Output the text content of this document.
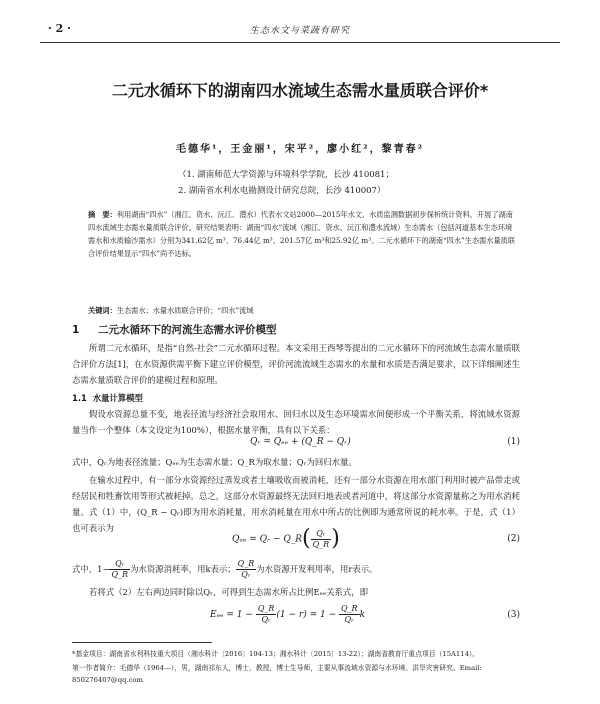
· 2 ·	生态水文与菜蔬有研究
二元水循环下的湖南四水流域生态需水量质联合评价*
毛德华¹，王金丽¹，宋平²，廖小红²，黎青春²
（1. 湖南师范大学资源与环境科学学院，长沙 410081；
2. 湖南省水利水电勘测设计研究总院，长沙 410007）
摘　要：利用湖南“四水”（湘江、资水、沅江、澧水）代表水文站2000—2015年水文、水质监测数据初步探析统计资料，开展了湖南四水流域生态需水量质联合评价。研究结果表明：湖南“四水”流域（湘江、资水、沅江和澧水流域）生态需水（包括河道基本生态环境需水和水质输沙需水）分别为341.62亿 m³、76.44亿 m³、201.57亿 m³和25.92亿 m³。二元水循环下的湖南“四水”生态需水量质联合评价结果显示“四水”尚不达标。
关键词：生态需水；水量水质联合评价；“四水”流域
1 二元水循环下的河流生态需水评价模型
所谓二元水循环，是指“自然-社会”二元水循环过程。本文采用王西琴等提出的二元水循环下的河流域生态需水量质联合评价方法[1]，在水资源供需平衡下建立评价模型，评价河流流域生态需水的水量和水质是否满足要求，以下详细阐述生态需水量质联合评价的建模过程和原理。
1.1 水量计算模型
假设水资源总量不变，地表径流与经济社会取用水、回归水以及生态环境需水间便形成一个平衡关系，将流域水资源量当作一个整体（本文设定为100%），根据水量平衡，具有以下关系：
Qᵣ = Qₑₑ + (Q_R − Qᵣ)	(1)
式中，Qᵣ为地表径流量；Qₑₑ为生态需水量；Q_R为取水量；Qᵣ为回归水量。
在输水过程中，有一部分水资源经过蒸发或者土壤吸收而被消耗，还有一部分水资源在用水部门利用时被产品带走或经居民和牲畜饮用等形式被耗掉。总之，这部分水资源最终无法回归地表或者河道中，将这部分水资源量称之为用水消耗量。式（1）中，(Q_R − Qᵣ)即为用水消耗量，用水消耗量在用水中所占的比例即为通常所说的耗水率。于是，式（1）也可表示为
Qₑₑ = Qᵣ − Q_R( $\frac{\text{Qᵣ}}{Q\_R}$ )	(2)
式中，$1- \frac{\text{Qᵣ}}{Q\_R}$ 为水资源消耗率，用k表示； $\frac{Q\_R}{\text{Qᵣ}}$ 为水资源开发利用率，用r表示。
若将式（2）左右两边同时除以Qᵣ，可得到生态需水所占比例Eₑₑ关系式，即
$E_{ee} = 1 - \frac{Q\_R}{\text{Qᵣ}} (1 - r) = 1 - \frac{Q\_R}{\text{Qᵣ}}$ k	(3)
*基金项目：湖南省水利科技重大项目（湘水科计〔2016〕194-13；湘水科计〔2015〕13-22）；湖南省教育厅重点项目（15A114）。
第一作者简介：毛德华（1964—），男，湖南祁东人，博士，教授，博士生导师，主要从事流域水资源与水环境、洪旱灾害研究。Email: 850276407@qq.com
